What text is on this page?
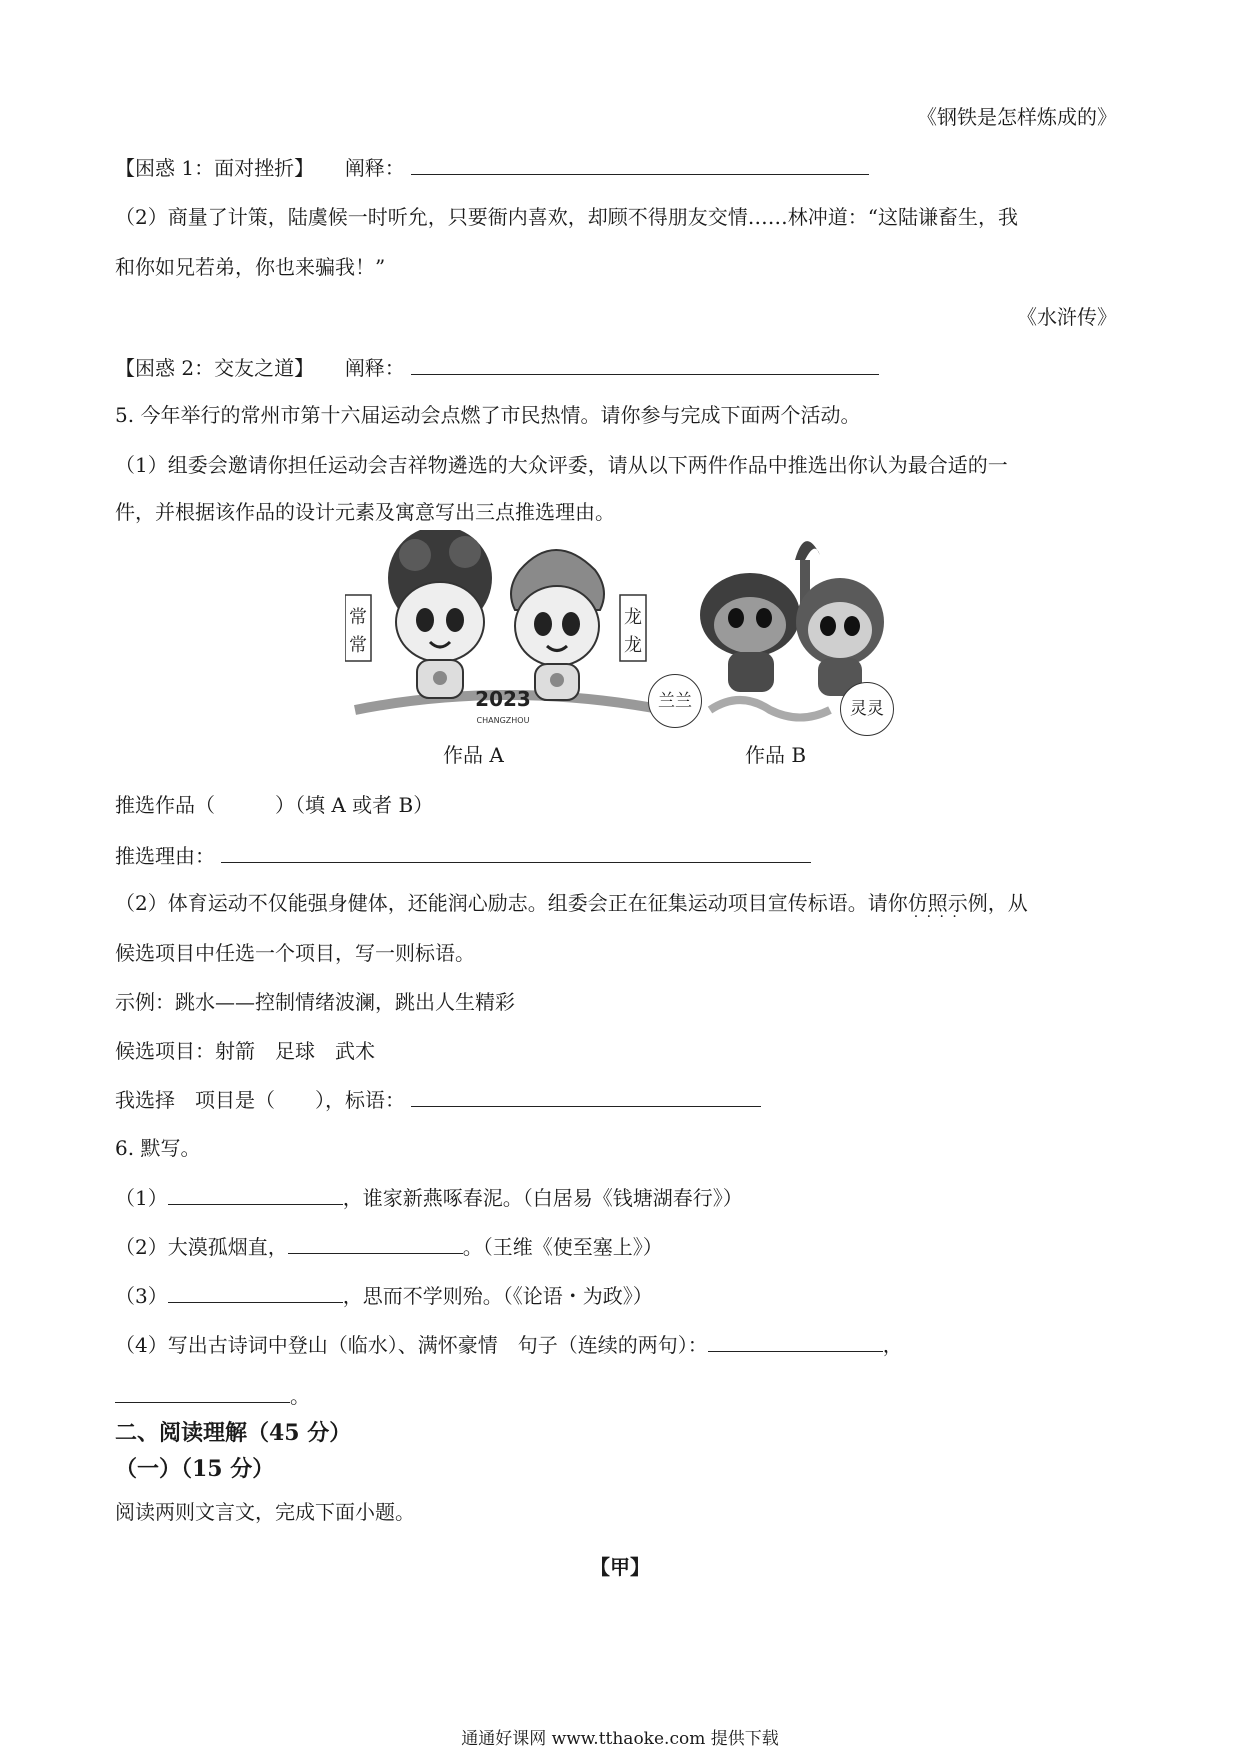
《钢铁是怎样炼成的》
【困惑 1：面对挫折】 阐释：
（2）商量了计策，陆虞候一时听允，只要衙内喜欢，却顾不得朋友交情……林冲道：“这陆谦畜生，我
和你如兄若弟，你也来骗我！”
《水浒传》
【困惑 2：交友之道】 阐释：
5. 今年举行的常州市第十六届运动会点燃了市民热情。请你参与完成下面两个活动。
（1）组委会邀请你担任运动会吉祥物遴选的大众评委，请从以下两件作品中推选出你认为最合适的一
件，并根据该作品的设计元素及寓意写出三点推选理由。
常
常
龙
龙
2023
CHANGZHOU
兰兰	灵灵
作品 A	作品 B
推选作品（　　　）（填 A 或者 B）
推选理由：
（2）体育运动不仅能强身健体，还能润心励志。组委会正在征集运动项目宣传标语。请你仿照示例 · · · ·，从
候选项目中任选一个项目，写一则标语。
示例：跳水——控制情绪波澜，跳出人生精彩
候选项目：射箭　足球　武术
我选择　项目是（　　），标语：
6. 默写。
（1）	，谁家新燕啄春泥。（白居易《钱塘湖春行》）
（2）大漠孤烟直，	。（王维《使至塞上》）
（3）	，思而不学则殆。（《论语・为政》）
（4）写出古诗词中登山（临水）、满怀豪情　句子（连续的两句）：	，
。
二、阅读理解（45 分）
（一）（15 分）
阅读两则文言文，完成下面小题。
【甲】
通通好课网 www.tthaoke.com 提供下载
